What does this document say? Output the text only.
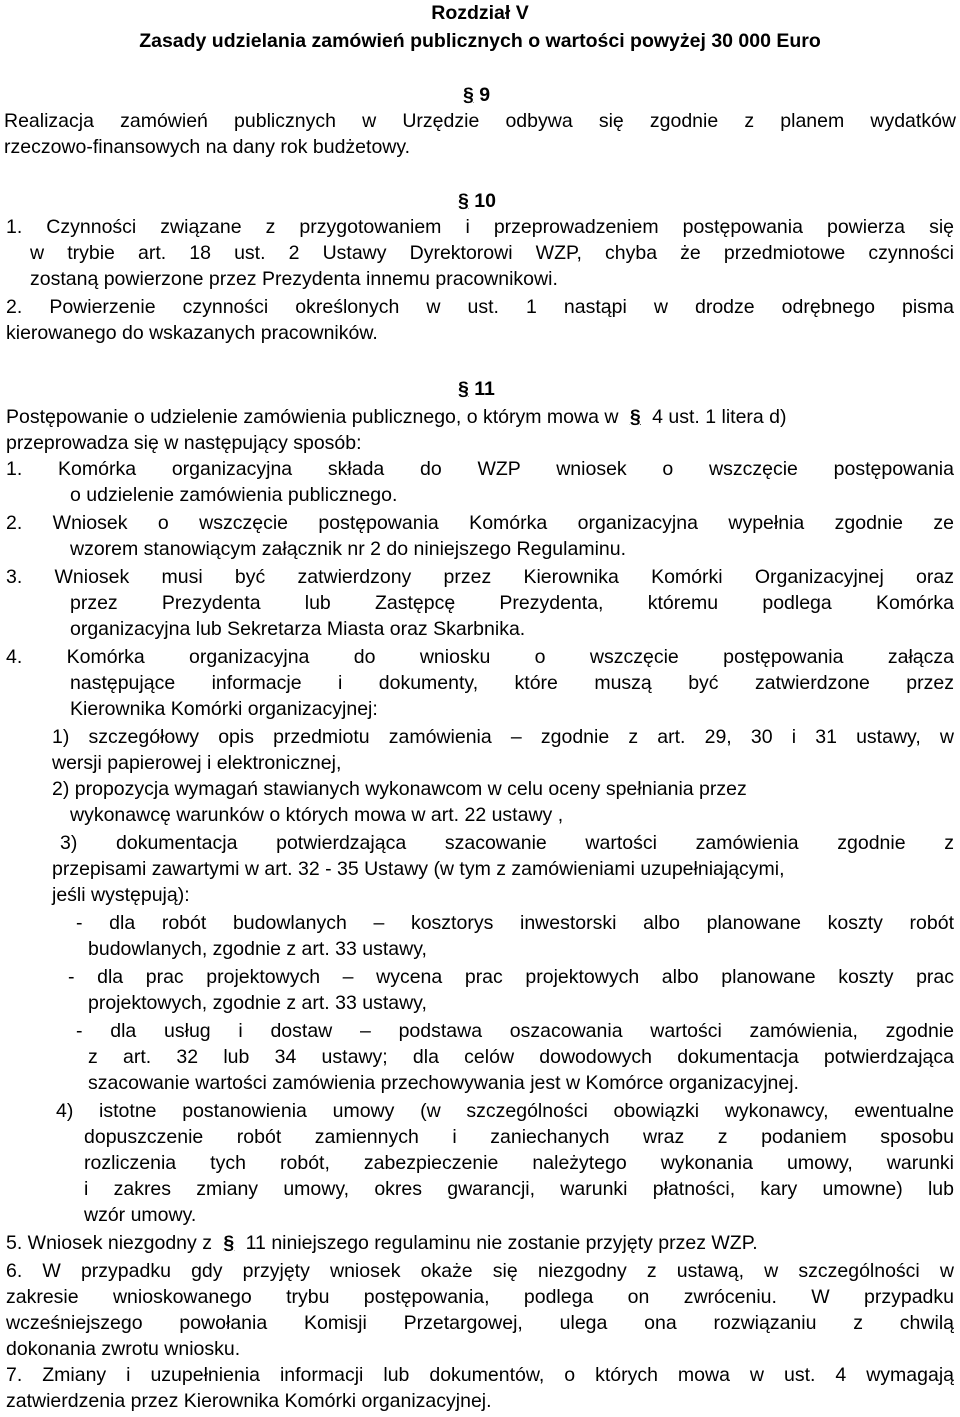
Rozdział V
Zasady udzielania zamówień publicznych o wartości powyżej 30 000 Euro
§ 9
Realizacja zamówień publicznych w Urzędzie odbywa się zgodnie z planem wydatków
rzeczowo-finansowych na dany rok budżetowy.
§ 10
1. Czynności związane z przygotowaniem i przeprowadzeniem postępowania powierza się
w trybie art. 18 ust. 2 Ustawy Dyrektorowi WZP, chyba że przedmiotowe czynności
zostaną powierzone przez Prezydenta innemu pracownikowi.
2. Powierzenie czynności określonych w ust. 1 nastąpi w drodze odrębnego pisma
kierowanego do wskazanych pracowników.
§ 11
Postępowanie o udzielenie zamówienia publicznego, o którym mowa w § 4 ust. 1 litera d)
przeprowadza się w następujący sposób:
1. Komórka organizacyjna składa do WZP wniosek o wszczęcie postępowania
o udzielenie zamówienia publicznego.
2. Wniosek o wszczęcie postępowania Komórka organizacyjna wypełnia zgodnie ze
wzorem stanowiącym załącznik nr 2 do niniejszego Regulaminu.
3. Wniosek musi być zatwierdzony przez Kierownika Komórki Organizacyjnej oraz
przez Prezydenta lub Zastępcę Prezydenta, któremu podlega Komórka
organizacyjna lub Sekretarza Miasta oraz Skarbnika.
4. Komórka organizacyjna do wniosku o wszczęcie postępowania załącza
następujące informacje i dokumenty, które muszą być zatwierdzone przez
Kierownika Komórki organizacyjnej:
1) szczegółowy opis przedmiotu zamówienia – zgodnie z art. 29, 30 i 31 ustawy, w
wersji papierowej i elektronicznej,
2) propozycja wymagań stawianych wykonawcom w celu oceny spełniania przez
wykonawcę warunków o których mowa w art. 22 ustawy ,
3) dokumentacja potwierdzająca szacowanie wartości zamówienia zgodnie z
przepisami zawartymi w art. 32 - 35 Ustawy (w tym z zamówieniami uzupełniającymi,
jeśli występują):
- dla robót budowlanych – kosztorys inwestorski albo planowane koszty robót
budowlanych, zgodnie z art. 33 ustawy,
- dla prac projektowych – wycena prac projektowych albo planowane koszty prac
projektowych, zgodnie z art. 33 ustawy,
- dla usług i dostaw – podstawa oszacowania wartości zamówienia, zgodnie
z art. 32 lub 34 ustawy; dla celów dowodowych dokumentacja potwierdzająca
szacowanie wartości zamówienia przechowywania jest w Komórce organizacyjnej.
4) istotne postanowienia umowy (w szczególności obowiązki wykonawcy, ewentualne
dopuszczenie robót zamiennych i zaniechanych wraz z podaniem sposobu
rozliczenia tych robót, zabezpieczenie należytego wykonania umowy, warunki
i zakres zmiany umowy, okres gwarancji, warunki płatności, kary umowne) lub
wzór umowy.
5. Wniosek niezgodny z § 11 niniejszego regulaminu nie zostanie przyjęty przez WZP.
6. W przypadku gdy przyjęty wniosek okaże się niezgodny z ustawą, w szczególności w
zakresie wnioskowanego trybu postępowania, podlega on zwróceniu. W przypadku
wcześniejszego powołania Komisji Przetargowej, ulega ona rozwiązaniu z chwilą
dokonania zwrotu wniosku.
7. Zmiany i uzupełnienia informacji lub dokumentów, o których mowa w ust. 4 wymagają
zatwierdzenia przez Kierownika Komórki organizacyjnej.
